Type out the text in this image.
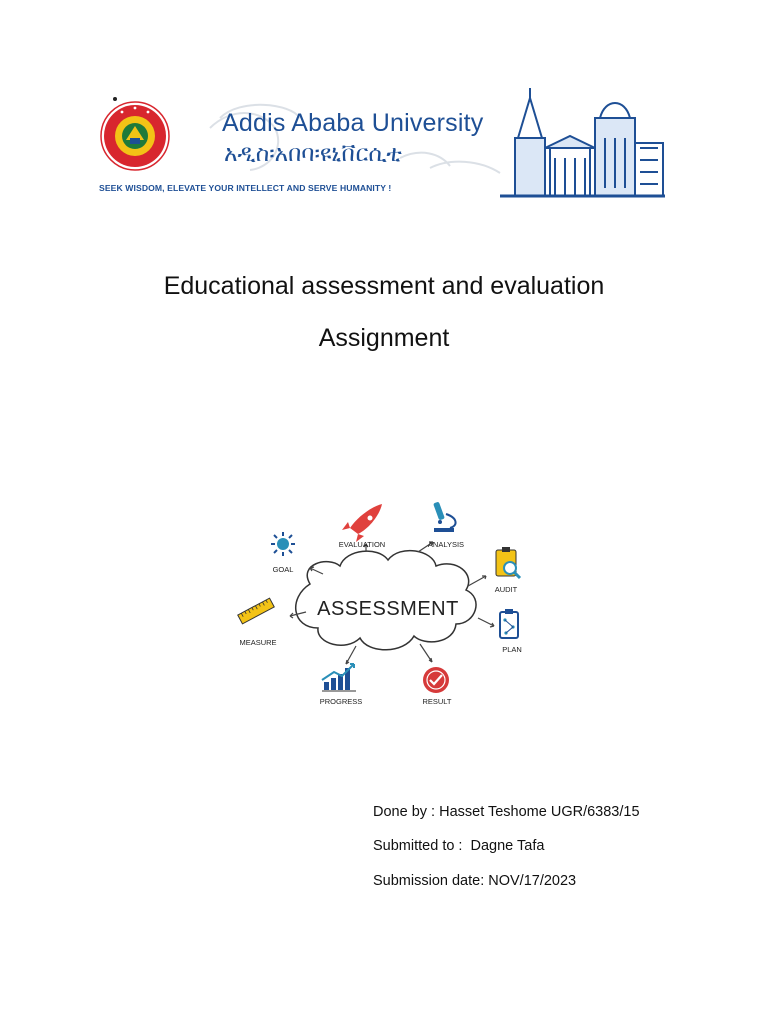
Addis Ababa University
አዲስ፡አበባ፡ዩኒቨርሲቲ
SEEK WISDOM, ELEVATE YOUR INTELLECT AND SERVE HUMANITY !
Educational assessment and evaluation
Assignment
ASSESSMENT
GOAL
EVALUATION	ANALYSIS
AUDIT
PLAN
RESULT
PROGRESS
MEASURE
Done by : Hasset Teshome UGR/6383/15
Submitted to :  Dagne Tafa
Submission date: NOV/17/2023
